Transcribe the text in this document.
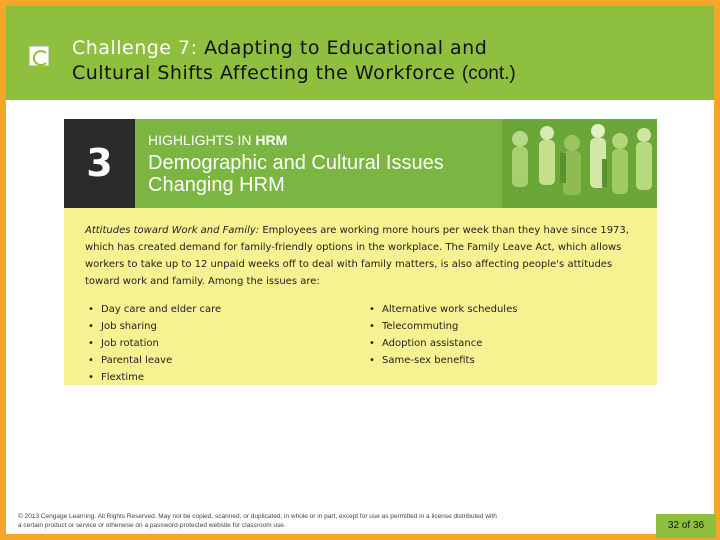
Challenge 7: Adapting to Educational and
Cultural Shifts Affecting the Workforce (cont.)
3
HIGHLIGHTS IN HRM
Demographic and Cultural Issues Changing HRM

Attitudes toward Work and Family: Employees are working more hours per week than they have since 1973, which has created demand for family-friendly options in the workplace. The Family Leave Act, which allows workers to take up to 12 unpaid weeks off to deal with family matters, is also affecting people's attitudes toward work and family. Among the issues are:

• Day care and elder care
• Job sharing
• Job rotation
• Parental leave
• Flextime
• Alternative work schedules
• Telecommuting
• Adoption assistance
• Same-sex benefits
© 2013 Cengage Learning. All Rights Reserved. May not be copied, scanned, or duplicated, in whole or in part, except for use as permitted in a license distributed with a certain product or service or otherwise on a password-protected website for classroom use.	32 of 36
